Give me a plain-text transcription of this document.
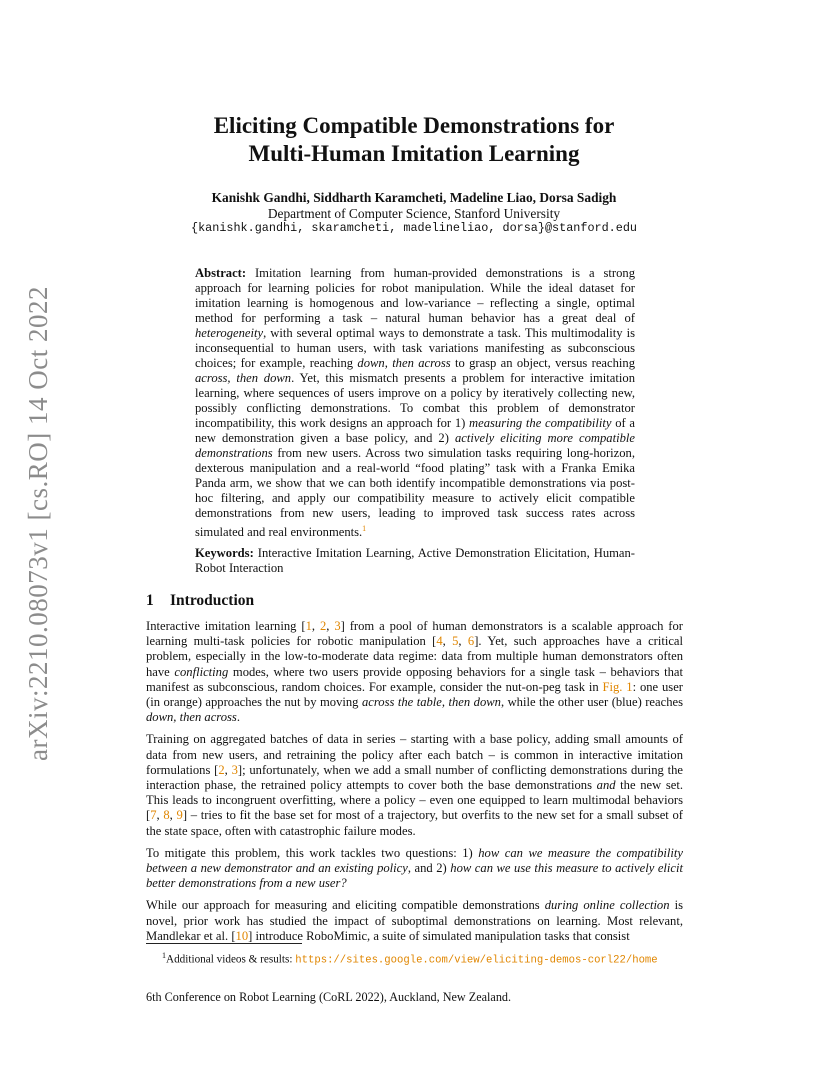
arXiv:2210.08073v1 [cs.RO] 14 Oct 2022
Eliciting Compatible Demonstrations for
Multi-Human Imitation Learning
Kanishk Gandhi, Siddharth Karamcheti, Madeline Liao, Dorsa Sadigh
Department of Computer Science, Stanford University
{kanishk.gandhi, skaramcheti, madelineliao, dorsa}@stanford.edu

Abstract: Imitation learning from human-provided demonstrations is a strong approach for learning policies for robot manipulation. While the ideal dataset for imitation learning is homogenous and low-variance – reflecting a single, optimal method for performing a task – natural human behavior has a great deal of heterogeneity, with several optimal ways to demonstrate a task. This multimodality is inconsequential to human users, with task variations manifesting as subconscious choices; for example, reaching down, then across to grasp an object, versus reaching across, then down. Yet, this mismatch presents a problem for interactive imitation learning, where sequences of users improve on a policy by iteratively collecting new, possibly conflicting demonstrations. To combat this problem of demonstrator incompatibility, this work designs an approach for 1) measuring the compatibility of a new demonstration given a base policy, and 2) actively eliciting more compatible demonstrations from new users. Across two simulation tasks requiring long-horizon, dexterous manipulation and a real-world “food plating” task with a Franka Emika Panda arm, we show that we can both identify incompatible demonstrations via post-hoc filtering, and apply our compatibility measure to actively elicit compatible demonstrations from new users, leading to improved task success rates across simulated and real environments.$^1$

Keywords: Interactive Imitation Learning, Active Demonstration Elicitation, Human-Robot Interaction
1 Introduction

Interactive imitation learning [1, 2, 3] from a pool of human demonstrators is a scalable approach for learning multi-task policies for robotic manipulation [4, 5, 6]. Yet, such approaches have a critical problem, especially in the low-to-moderate data regime: data from multiple human demonstrators often have conflicting modes, where two users provide opposing behaviors for a single task – behaviors that manifest as subconscious, random choices. For example, consider the nut-on-peg task in Fig. 1: one user (in orange) approaches the nut by moving across the table, then down, while the other user (blue) reaches down, then across.

Training on aggregated batches of data in series – starting with a base policy, adding small amounts of data from new users, and retraining the policy after each batch – is common in interactive imitation formulations [2, 3]; unfortunately, when we add a small number of conflicting demonstrations during the interaction phase, the retrained policy attempts to cover both the base demonstrations and the new set. This leads to incongruent overfitting, where a policy – even one equipped to learn multimodal behaviors [7, 8, 9] – tries to fit the base set for most of a trajectory, but overfits to the new set for a small subset of the state space, often with catastrophic failure modes.

To mitigate this problem, this work tackles two questions: 1) how can we measure the compatibility between a new demonstrator and an existing policy, and 2) how can we use this measure to actively elicit better demonstrations from a new user?

While our approach for measuring and eliciting compatible demonstrations during online collection is novel, prior work has studied the impact of suboptimal demonstrations on learning. Most relevant, Mandlekar et al. [10] introduce RoboMimic, a suite of simulated manipulation tasks that consist

$^1$Additional videos & results: https://sites.google.com/view/eliciting-demos-corl22/home
6th Conference on Robot Learning (CoRL 2022), Auckland, New Zealand.
